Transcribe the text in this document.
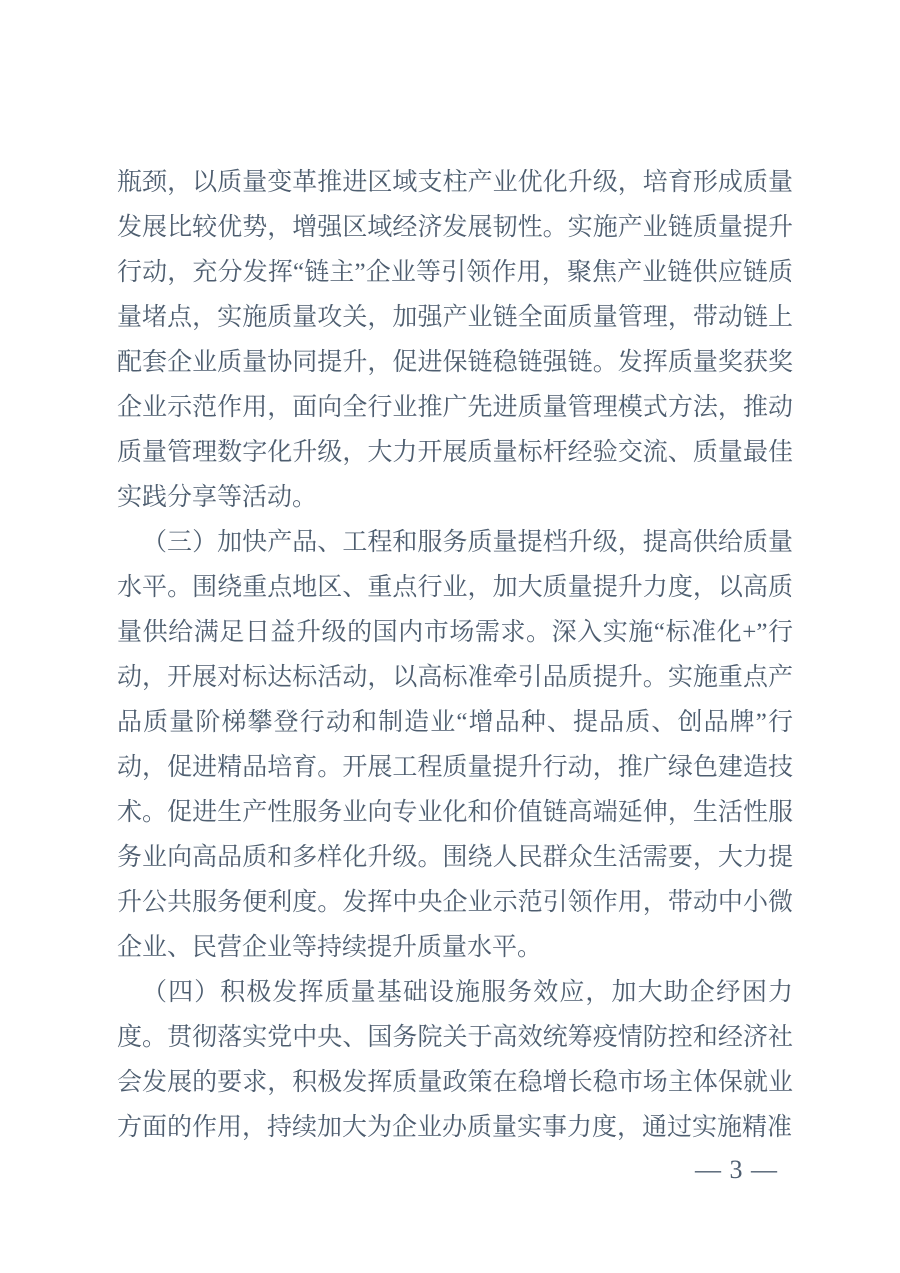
瓶颈，以质量变革推进区域支柱产业优化升级，培育形成质量发展比较优势，增强区域经济发展韧性。实施产业链质量提升行动，充分发挥“链主”企业等引领作用，聚焦产业链供应链质量堵点，实施质量攻关，加强产业链全面质量管理，带动链上配套企业质量协同提升，促进保链稳链强链。发挥质量奖获奖企业示范作用，面向全行业推广先进质量管理模式方法，推动质量管理数字化升级，大力开展质量标杆经验交流、质量最佳实践分享等活动。

（三）加快产品、工程和服务质量提档升级，提高供给质量水平。围绕重点地区、重点行业，加大质量提升力度，以高质量供给满足日益升级的国内市场需求。深入实施“标准化+”行动，开展对标达标活动，以高标准牵引品质提升。实施重点产品质量阶梯攀登行动和制造业“增品种、提品质、创品牌”行动，促进精品培育。开展工程质量提升行动，推广绿色建造技术。促进生产性服务业向专业化和价值链高端延伸，生活性服务业向高品质和多样化升级。围绕人民群众生活需要，大力提升公共服务便利度。发挥中央企业示范引领作用，带动中小微企业、民营企业等持续提升质量水平。

（四）积极发挥质量基础设施服务效应，加大助企纾困力度。贯彻落实党中央、国务院关于高效统筹疫情防控和经济社会发展的要求，积极发挥质量政策在稳增长稳市场主体保就业方面的作用，持续加大为企业办质量实事力度，通过实施精准

— 3 —
